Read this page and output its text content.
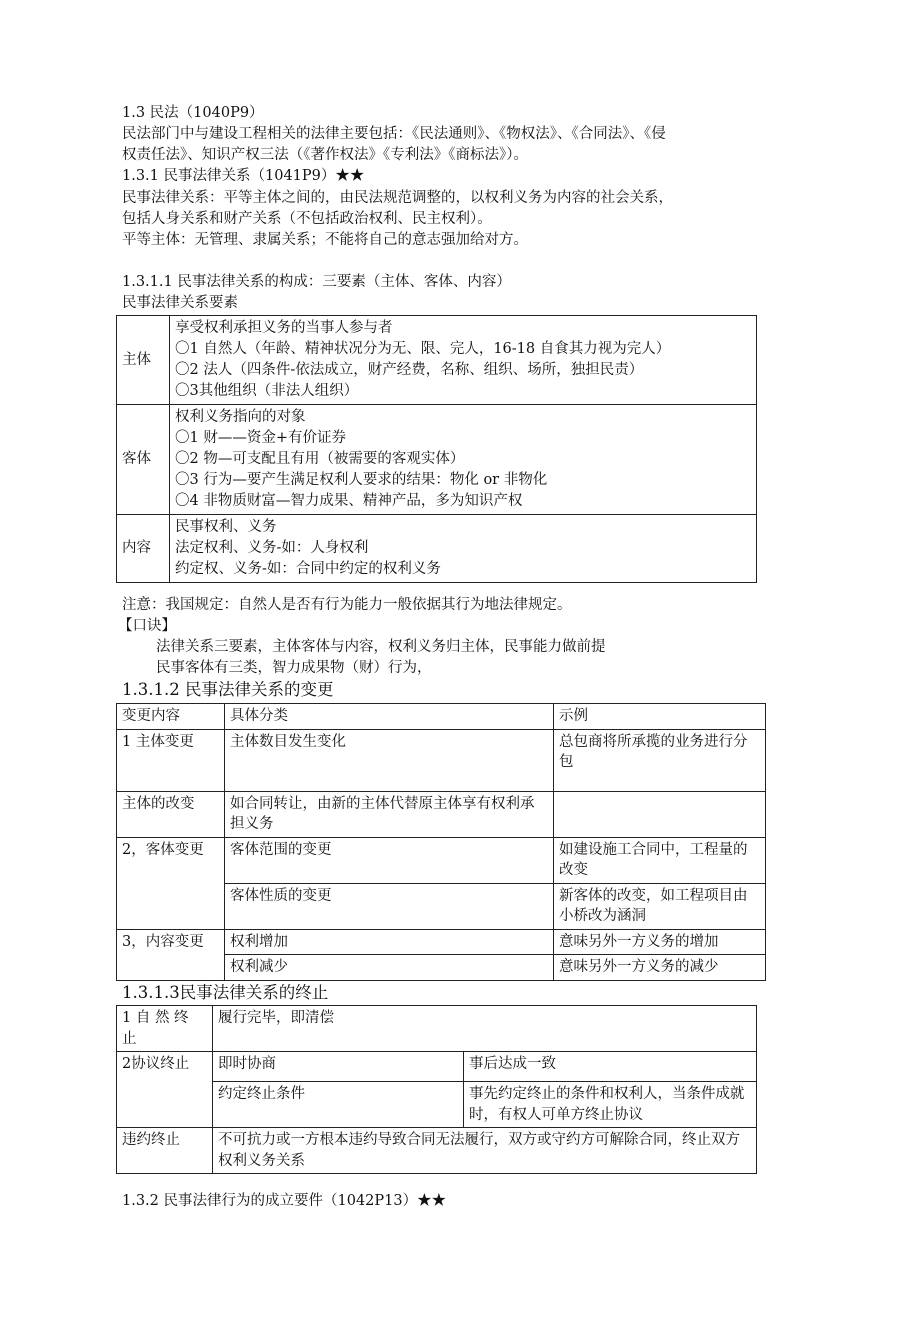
1.3 民法（1040P9）
民法部门中与建设工程相关的法律主要包括：《民法通则》、《物权法》、《合同法》、《侵
权责任法》、知识产权三法（《著作权法》《专利法》《商标法》）。
1.3.1 民事法律关系（1041P9）★★
民事法律关系：平等主体之间的，由民法规范调整的，以权利义务为内容的社会关系，
包括人身关系和财产关系（不包括政治权利、民主权利）。
平等主体：无管理、隶属关系；不能将自己的意志强加给对方。
1.3.1.1 民事法律关系的构成：三要素（主体、客体、内容）
民事法律关系要素
主体	享受权利承担义务的当事人参与者
〇1 自然人（年龄、精神状况分为无、限、完人，16-18 自食其力视为完人）
〇2 法人（四条件-依法成立，财产经费，名称、组织、场所，独担民责）
〇3其他组织（非法人组织）

客体	权利义务指向的对象
〇1 财——资金+有价证券
〇2 物—可支配且有用（被需要的客观实体）
〇3 行为—要产生满足权利人要求的结果：物化 or 非物化
〇4 非物质财富—智力成果、精神产品，多为知识产权

内容	民事权利、义务
法定权利、义务-如：人身权利
约定权、义务-如：合同中约定的权利义务
注意：我国规定：自然人是否有行为能力一般依据其行为地法律规定。
【口诀】
法律关系三要素，主体客体与内容，权利义务归主体，民事能力做前提
民事客体有三类，智力成果物（财）行为，
1.3.1.2 民事法律关系的变更
变更内容	具体分类	示例
1 主体变更	主体数目发生变化	总包商将所承揽的业务进行分包
主体的改变	如合同转让，由新的主体代替原主体享有权利承担义务	
2，客体变更	客体范围的变更	如建设施工合同中，工程量的改变
	客体性质的变更	新客体的改变，如工程项目由小桥改为涵洞
3，内容变更	权利增加	意味另外一方义务的增加
	权利减少	意味另外一方义务的减少
1.3.1.3民事法律关系的终止
1 自 然 终 止	履行完毕，即清偿	
2协议终止	即时协商	事后达成一致
	约定终止条件	事先约定终止的条件和权利人，当条件成就时，有权人可单方终止协议
违约终止	不可抗力或一方根本违约导致合同无法履行，双方或守约方可解除合同，终止双方权利义务关系	
1.3.2 民事法律行为的成立要件（1042P13）★★
